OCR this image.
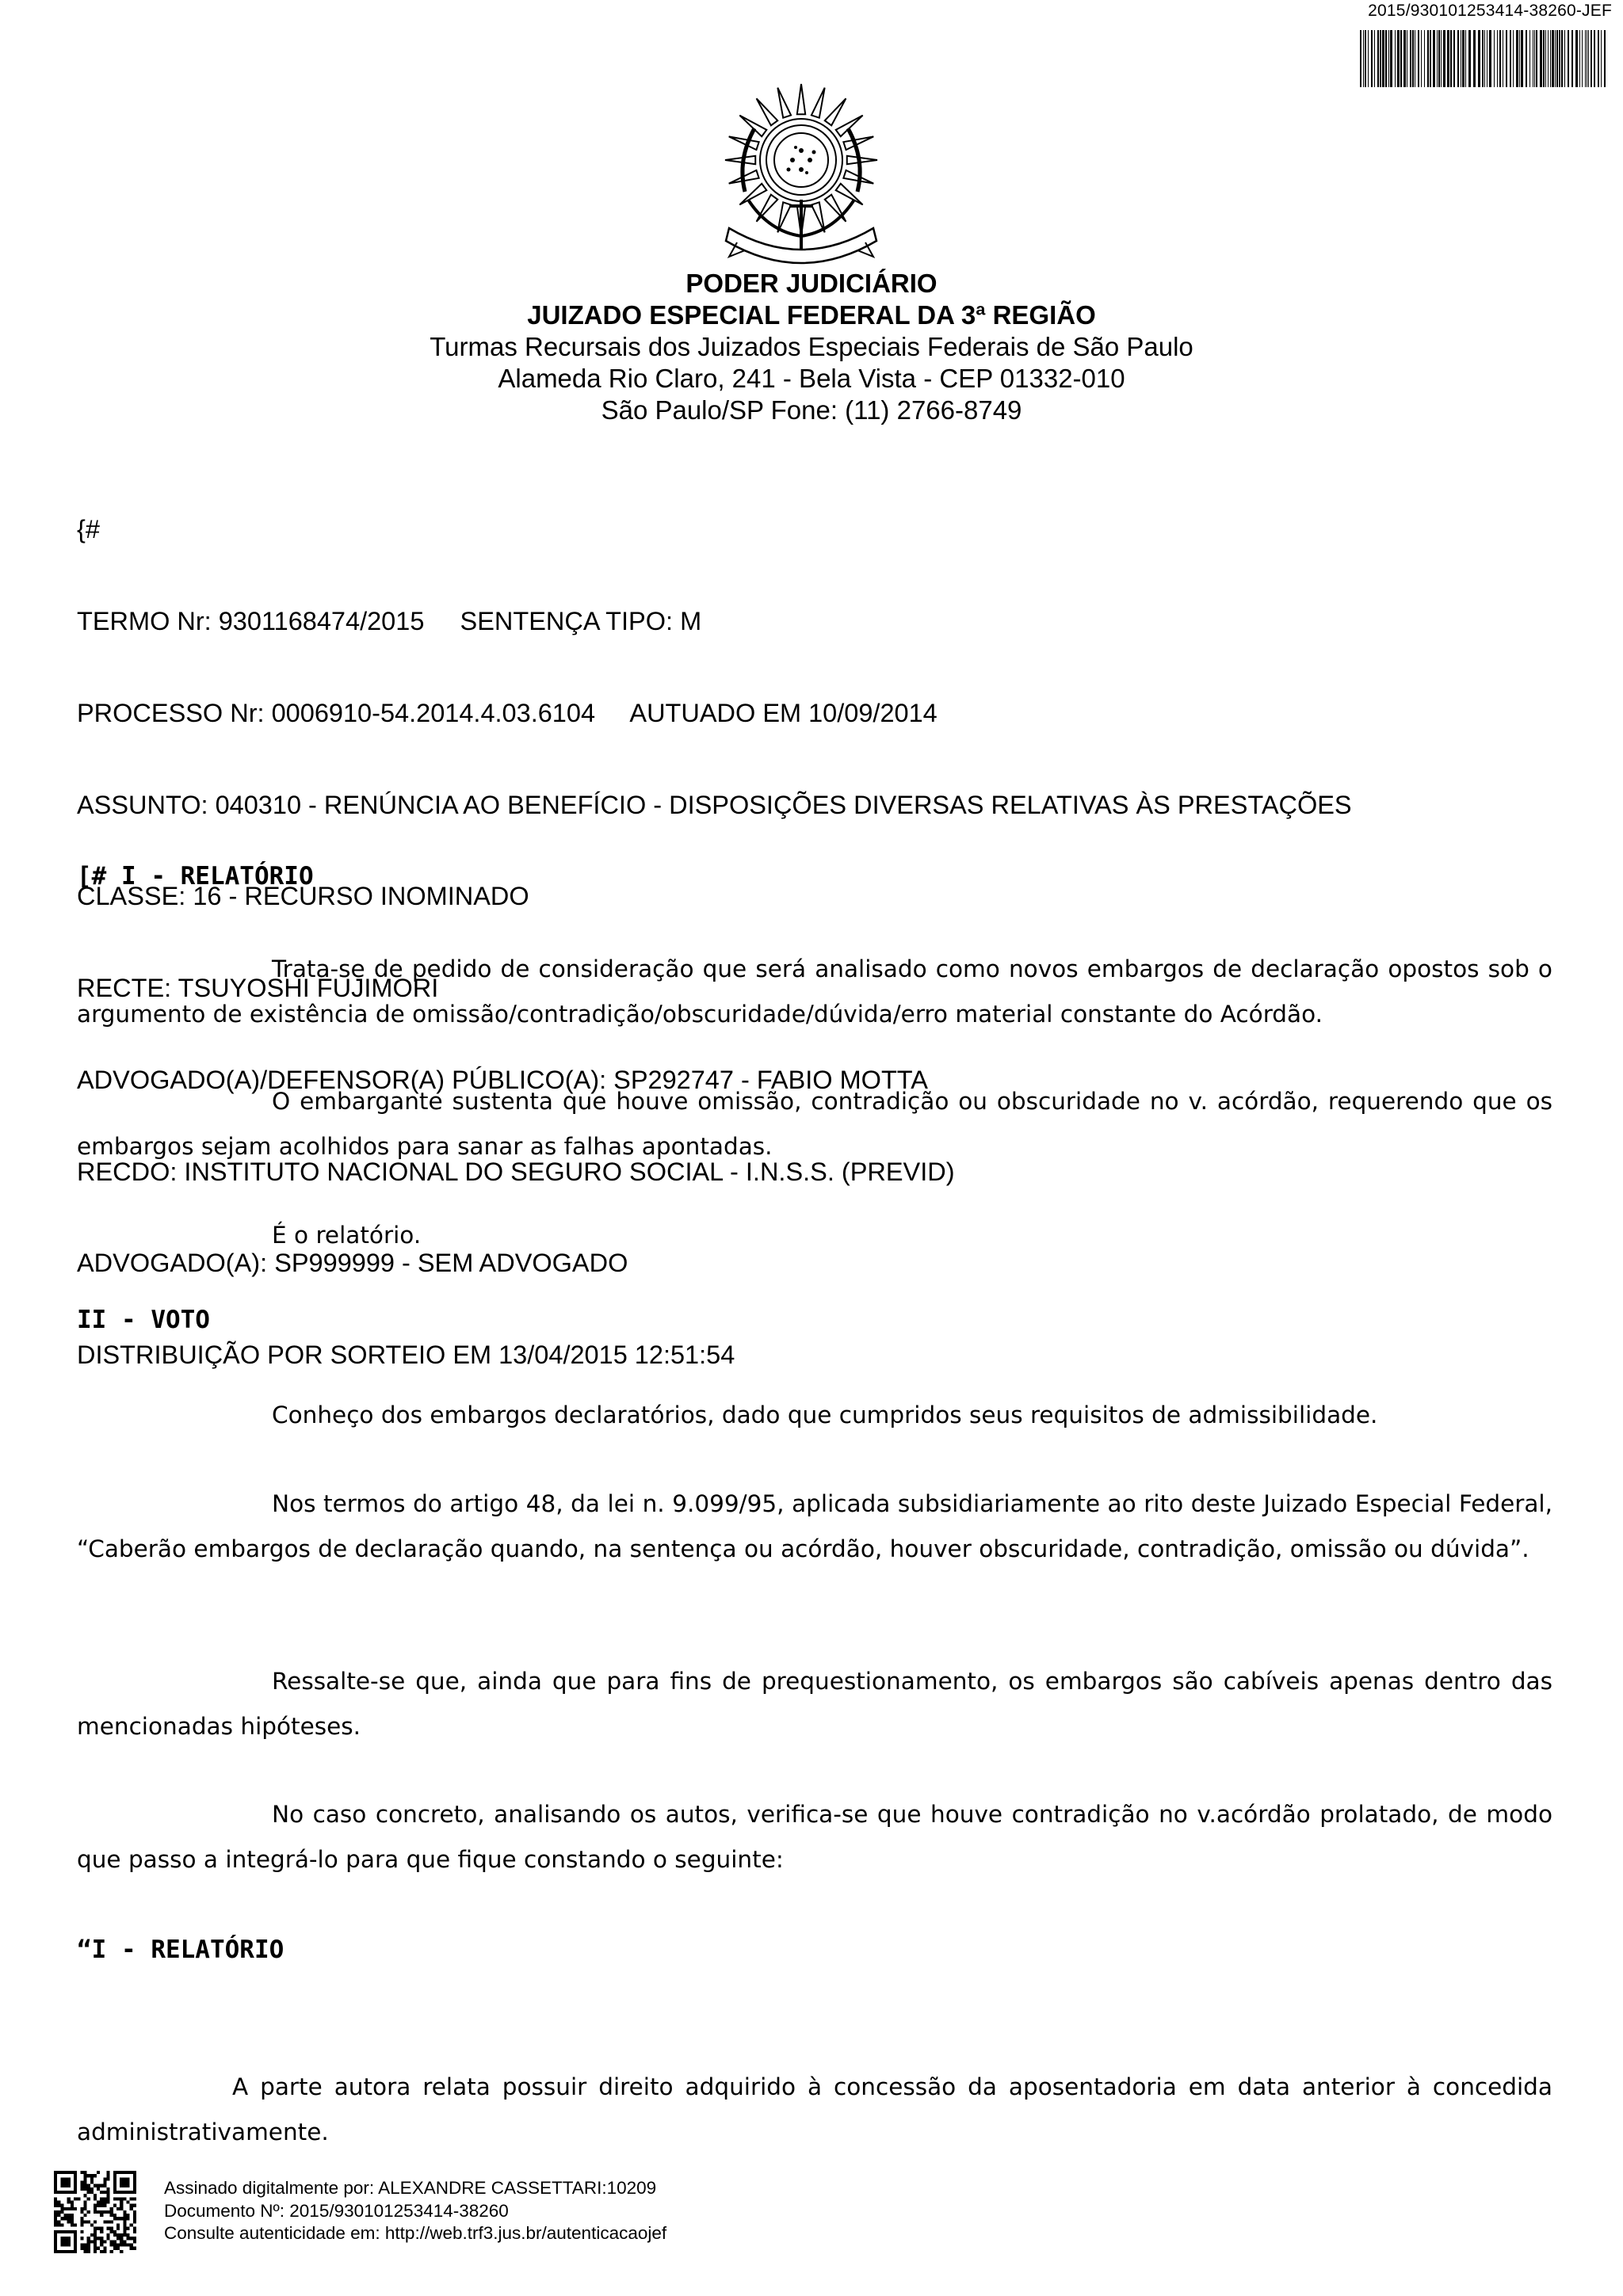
2015/930101253414-38260-JEF
PODER JUDICIÁRIO
JUIZADO ESPECIAL FEDERAL DA 3ª REGIÃO
Turmas Recursais dos Juizados Especiais Federais de São Paulo
Alameda Rio Claro, 241 - Bela Vista - CEP 01332-010
São Paulo/SP Fone: (11) 2766-8749

{#

TERMO Nr: 9301168474/2015     SENTENÇA TIPO: M

PROCESSO Nr: 0006910-54.2014.4.03.6104     AUTUADO EM 10/09/2014

ASSUNTO: 040310 - RENÚNCIA AO BENEFÍCIO - DISPOSIÇÕES DIVERSAS RELATIVAS ÀS PRESTAÇÕES

CLASSE: 16 - RECURSO INOMINADO

RECTE: TSUYOSHI FUJIMORI

ADVOGADO(A)/DEFENSOR(A) PÚBLICO(A): SP292747 - FABIO MOTTA

RECDO: INSTITUTO NACIONAL DO SEGURO SOCIAL - I.N.S.S. (PREVID)

ADVOGADO(A): SP999999 - SEM ADVOGADO

DISTRIBUIÇÃO POR SORTEIO EM 13/04/2015 12:51:54

[# I - RELATÓRIO
Trata-se de pedido de consideração que será analisado como novos embargos de declaração opostos sob o argumento de existência de omissão/contradição/obscuridade/dúvida/erro material constante do Acórdão.
O embargante sustenta que houve omissão, contradição ou obscuridade no v. acórdão, requerendo que os embargos sejam acolhidos para sanar as falhas apontadas.
É o relatório.
II - VOTO
Conheço dos embargos declaratórios, dado que cumpridos seus requisitos de admissibilidade.
Nos termos do artigo 48, da lei n. 9.099/95, aplicada subsidiariamente ao rito deste Juizado Especial Federal, “Caberão embargos de declaração quando, na sentença ou acórdão, houver obscuridade, contradição, omissão ou dúvida”.
Ressalte-se que, ainda que para fins de prequestionamento, os embargos são cabíveis apenas dentro das mencionadas hipóteses.
No caso concreto, analisando os autos, verifica-se que houve contradição no v.acórdão prolatado, de modo que passo a integrá-lo para que fique constando o seguinte:
“I - RELATÓRIO
A parte autora relata possuir direito adquirido à concessão da aposentadoria em data anterior à concedida administrativamente.
Assinado digitalmente por: ALEXANDRE CASSETTARI:10209
Documento Nº: 2015/930101253414-38260
Consulte autenticidade em: http://web.trf3.jus.br/autenticacaojef
